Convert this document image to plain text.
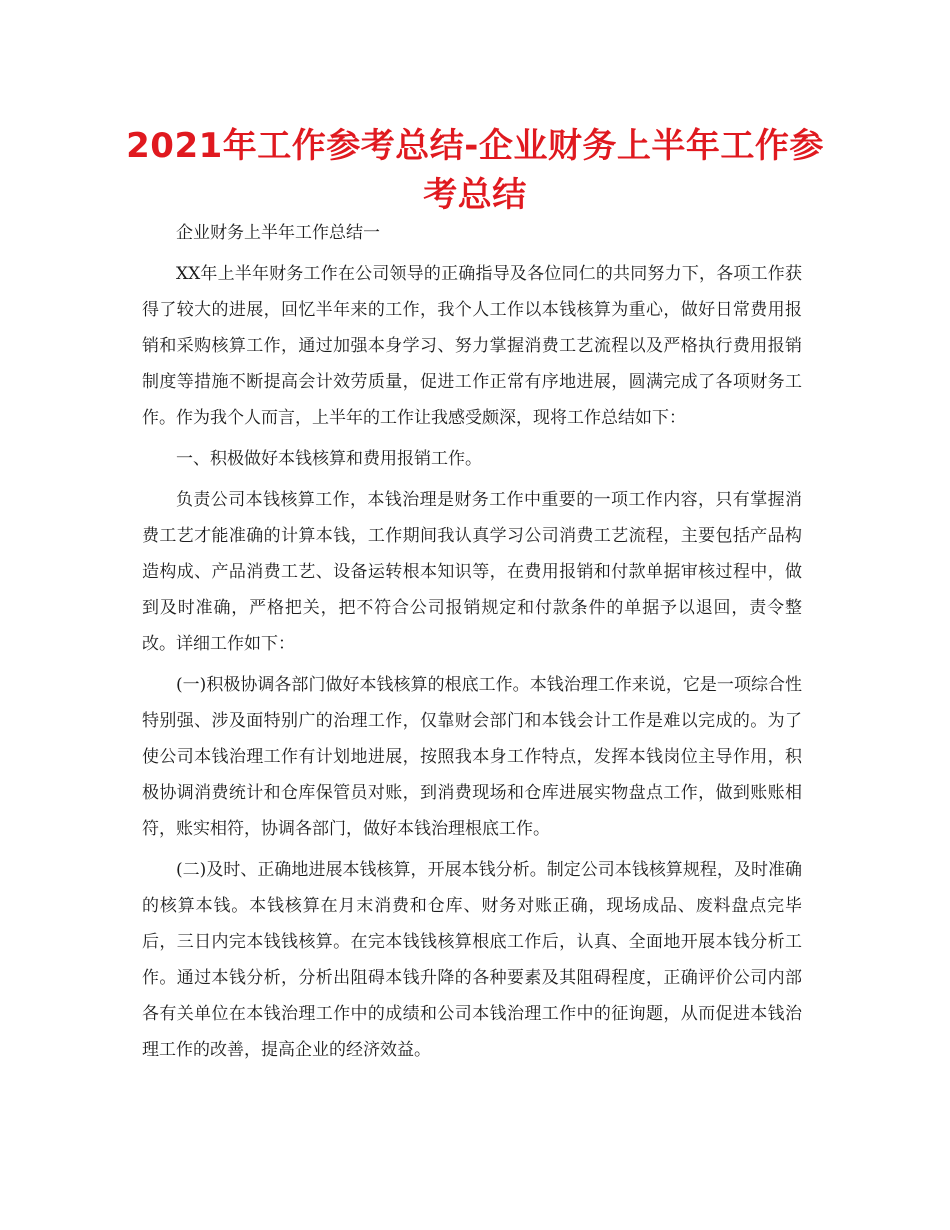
2021年工作参考总结-企业财务上半年工作参考总结

企业财务上半年工作总结一

XX年上半年财务工作在公司领导的正确指导及各位同仁的共同努力下，各项工作获得了较大的进展，回忆半年来的工作，我个人工作以本钱核算为重心，做好日常费用报销和采购核算工作，通过加强本身学习、努力掌握消费工艺流程以及严格执行费用报销制度等措施不断提高会计效劳质量，促进工作正常有序地进展，圆满完成了各项财务工作。作为我个人而言，上半年的工作让我感受颇深，现将工作总结如下：

一、积极做好本钱核算和费用报销工作。

负责公司本钱核算工作，本钱治理是财务工作中重要的一项工作内容，只有掌握消费工艺才能准确的计算本钱，工作期间我认真学习公司消费工艺流程，主要包括产品构造构成、产品消费工艺、设备运转根本知识等，在费用报销和付款单据审核过程中，做到及时准确，严格把关，把不符合公司报销规定和付款条件的单据予以退回，责令整改。详细工作如下：

(一)积极协调各部门做好本钱核算的根底工作。本钱治理工作来说，它是一项综合性特别强、涉及面特别广的治理工作，仅靠财会部门和本钱会计工作是难以完成的。为了使公司本钱治理工作有计划地进展，按照我本身工作特点，发挥本钱岗位主导作用，积极协调消费统计和仓库保管员对账，到消费现场和仓库进展实物盘点工作，做到账账相符，账实相符，协调各部门，做好本钱治理根底工作。

(二)及时、正确地进展本钱核算，开展本钱分析。制定公司本钱核算规程，及时准确的核算本钱。本钱核算在月末消费和仓库、财务对账正确，现场成品、废料盘点完毕后，三日内完本钱钱核算。在完本钱钱核算根底工作后，认真、全面地开展本钱分析工作。通过本钱分析，分析出阻碍本钱升降的各种要素及其阻碍程度，正确评价公司内部各有关单位在本钱治理工作中的成绩和公司本钱治理工作中的征询题，从而促进本钱治理工作的改善，提高企业的经济效益。
